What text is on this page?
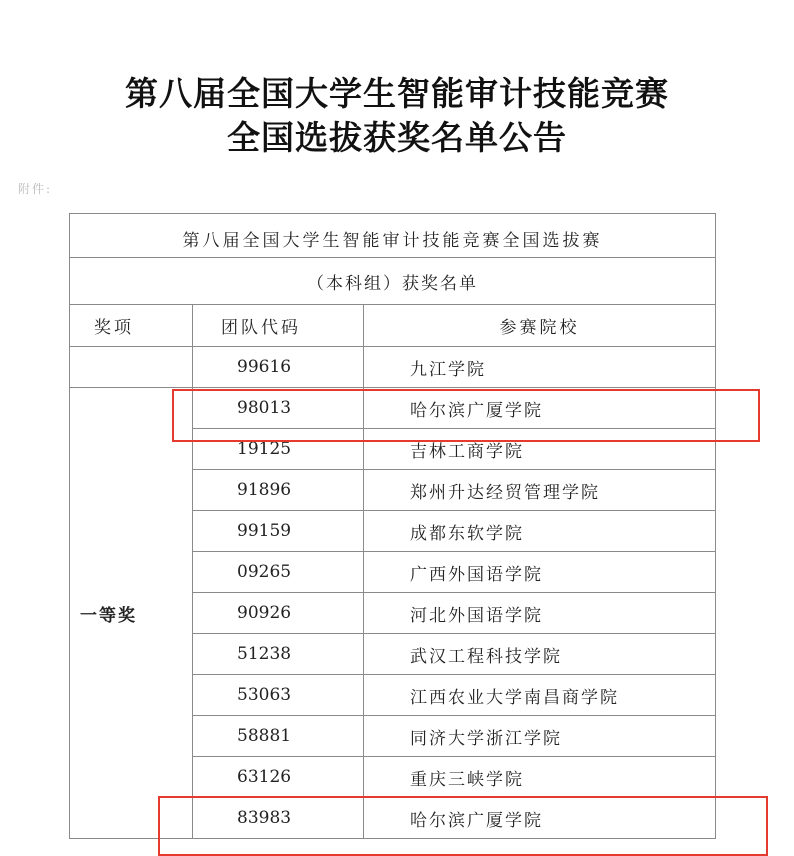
第八届全国大学生智能审计技能竞赛
全国选拔获奖名单公告
附件:
第八届全国大学生智能审计技能竞赛全国选拔赛		
（本科组）获奖名单		
奖项	团队代码	参赛院校
	99616	九江学院
一等奖	98013	哈尔滨广厦学院
	19125	吉林工商学院
	91896	郑州升达经贸管理学院
	99159	成都东软学院
	09265	广西外国语学院
	90926	河北外国语学院
	51238	武汉工程科技学院
	53063	江西农业大学南昌商学院
	58881	同济大学浙江学院
	63126	重庆三峡学院
	83983	哈尔滨广厦学院
